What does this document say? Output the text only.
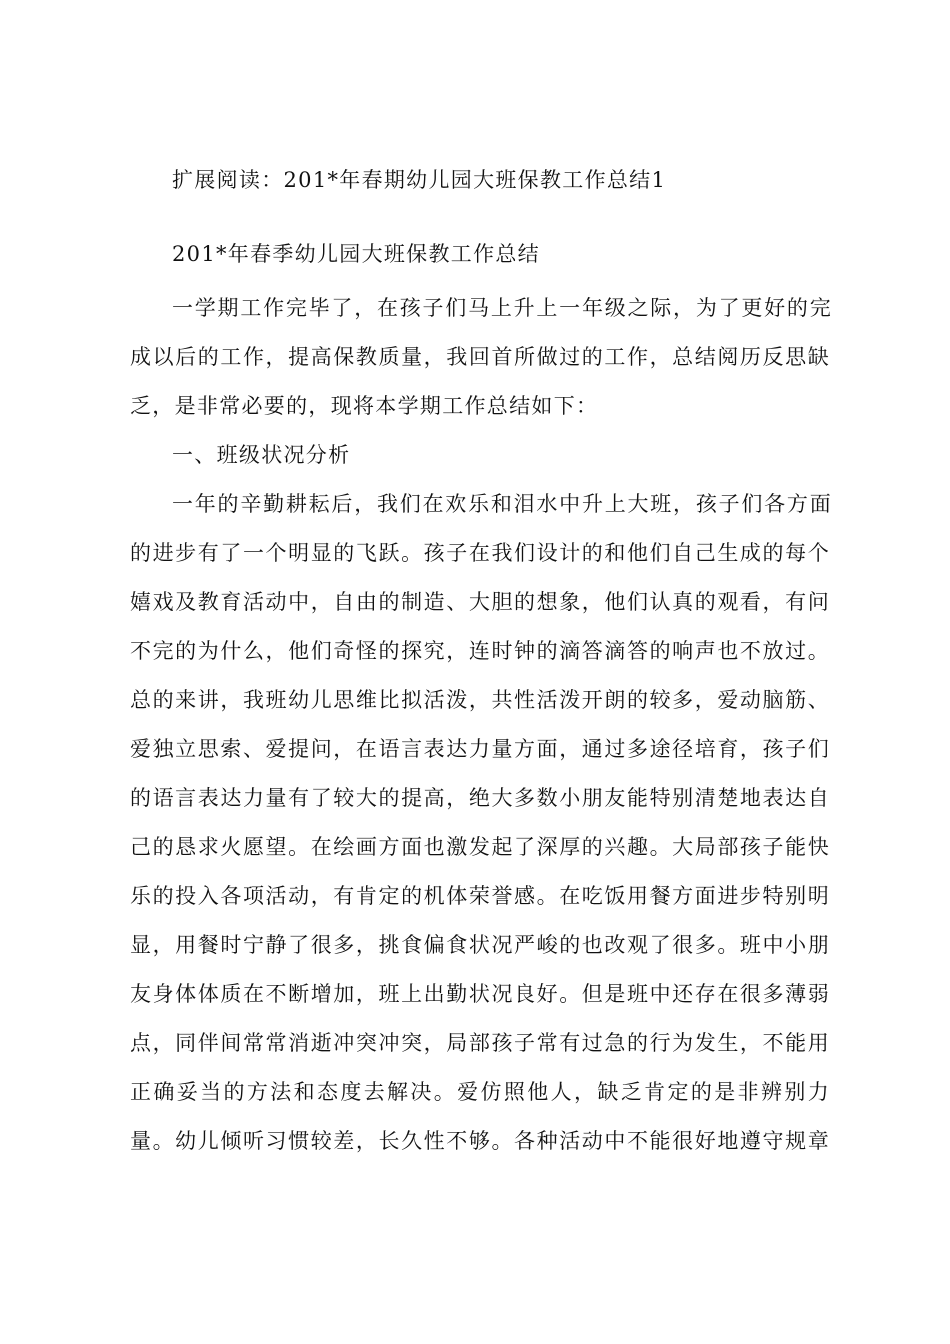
扩展阅读：201*年春期幼儿园大班保教工作总结1
201*年春季幼儿园大班保教工作总结
一学期工作完毕了，在孩子们马上升上一年级之际，为了更好的完
成以后的工作，提高保教质量，我回首所做过的工作，总结阅历反思缺
乏，是非常必要的，现将本学期工作总结如下：
一、班级状况分析
一年的辛勤耕耘后，我们在欢乐和泪水中升上大班，孩子们各方面
的进步有了一个明显的飞跃。孩子在我们设计的和他们自己生成的每个
嬉戏及教育活动中，自由的制造、大胆的想象，他们认真的观看，有问
不完的为什么，他们奇怪的探究，连时钟的滴答滴答的响声也不放过。
总的来讲，我班幼儿思维比拟活泼，共性活泼开朗的较多，爱动脑筋、
爱独立思索、爱提问，在语言表达力量方面，通过多途径培育，孩子们
的语言表达力量有了较大的提高，绝大多数小朋友能特别清楚地表达自
己的恳求火愿望。在绘画方面也激发起了深厚的兴趣。大局部孩子能快
乐的投入各项活动，有肯定的机体荣誉感。在吃饭用餐方面进步特别明
显，用餐时宁静了很多，挑食偏食状况严峻的也改观了很多。班中小朋
友身体体质在不断增加，班上出勤状况良好。但是班中还存在很多薄弱
点，同伴间常常消逝冲突冲突，局部孩子常有过急的行为发生，不能用
正确妥当的方法和态度去解决。爱仿照他人，缺乏肯定的是非辨别力
量。幼儿倾听习惯较差，长久性不够。各种活动中不能很好地遵守规章
